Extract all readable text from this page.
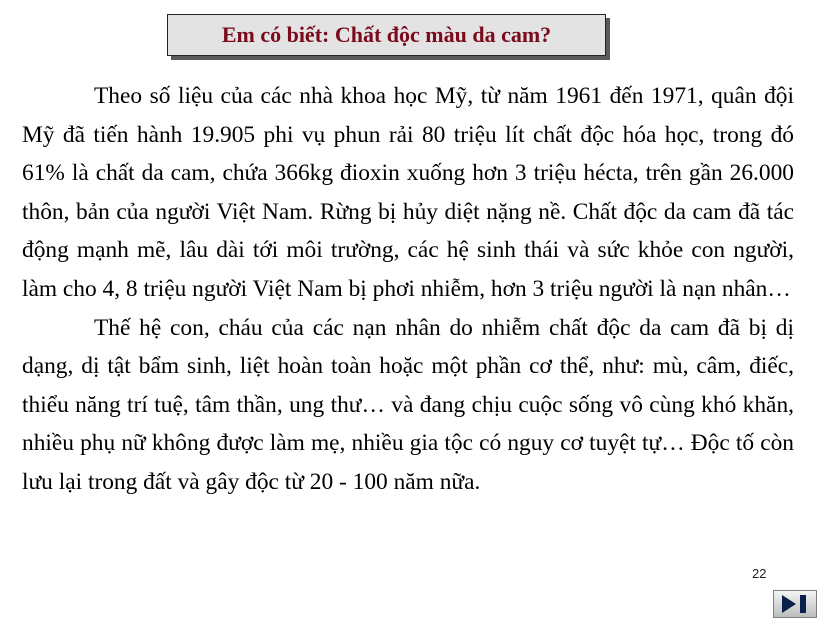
Em có biết: Chất độc màu da cam?

Theo số liệu của các nhà khoa học Mỹ, từ năm 1961 đến 1971, quân đội Mỹ đã tiến hành 19.905 phi vụ phun rải 80 triệu lít chất độc hóa học, trong đó 61% là chất da cam, chứa 366kg đioxin xuống hơn 3 triệu hécta, trên gần 26.000 thôn, bản của người Việt Nam. Rừng bị hủy diệt nặng nề. Chất độc da cam đã tác động mạnh mẽ, lâu dài tới môi trường, các hệ sinh thái và sức khỏe con người, làm cho 4, 8 triệu người Việt Nam bị phơi nhiễm, hơn 3 triệu người là nạn nhân…

Thế hệ con, cháu của các nạn nhân do nhiễm chất độc da cam đã bị dị dạng, dị tật bẩm sinh, liệt hoàn toàn hoặc một phần cơ thể, như: mù, câm, điếc, thiểu năng trí tuệ, tâm thần, ung thư… và đang chịu cuộc sống vô cùng khó khăn, nhiều phụ nữ không được làm mẹ, nhiều gia tộc có nguy cơ tuyệt tự… Độc tố còn lưu lại trong đất và gây độc từ 20 - 100 năm nữa.

22
